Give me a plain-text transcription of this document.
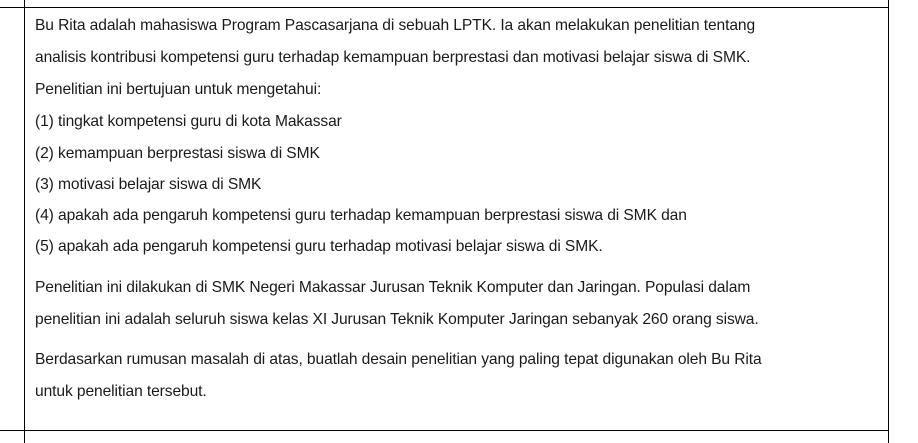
Bu Rita adalah mahasiswa Program Pascasarjana di sebuah LPTK. Ia akan melakukan penelitian tentang
analisis kontribusi kompetensi guru terhadap kemampuan berprestasi dan motivasi belajar siswa di SMK.
Penelitian ini bertujuan untuk mengetahui:
(1) tingkat kompetensi guru di kota Makassar
(2) kemampuan berprestasi siswa di SMK
(3) motivasi belajar siswa di SMK
(4) apakah ada pengaruh kompetensi guru terhadap kemampuan berprestasi siswa di SMK dan
(5) apakah ada pengaruh kompetensi guru terhadap motivasi belajar siswa di SMK.
Penelitian ini dilakukan di SMK Negeri Makassar Jurusan Teknik Komputer dan Jaringan. Populasi dalam
penelitian ini adalah seluruh siswa kelas XI Jurusan Teknik Komputer Jaringan sebanyak 260 orang siswa.
Berdasarkan rumusan masalah di atas, buatlah desain penelitian yang paling tepat digunakan oleh Bu Rita
untuk penelitian tersebut.
